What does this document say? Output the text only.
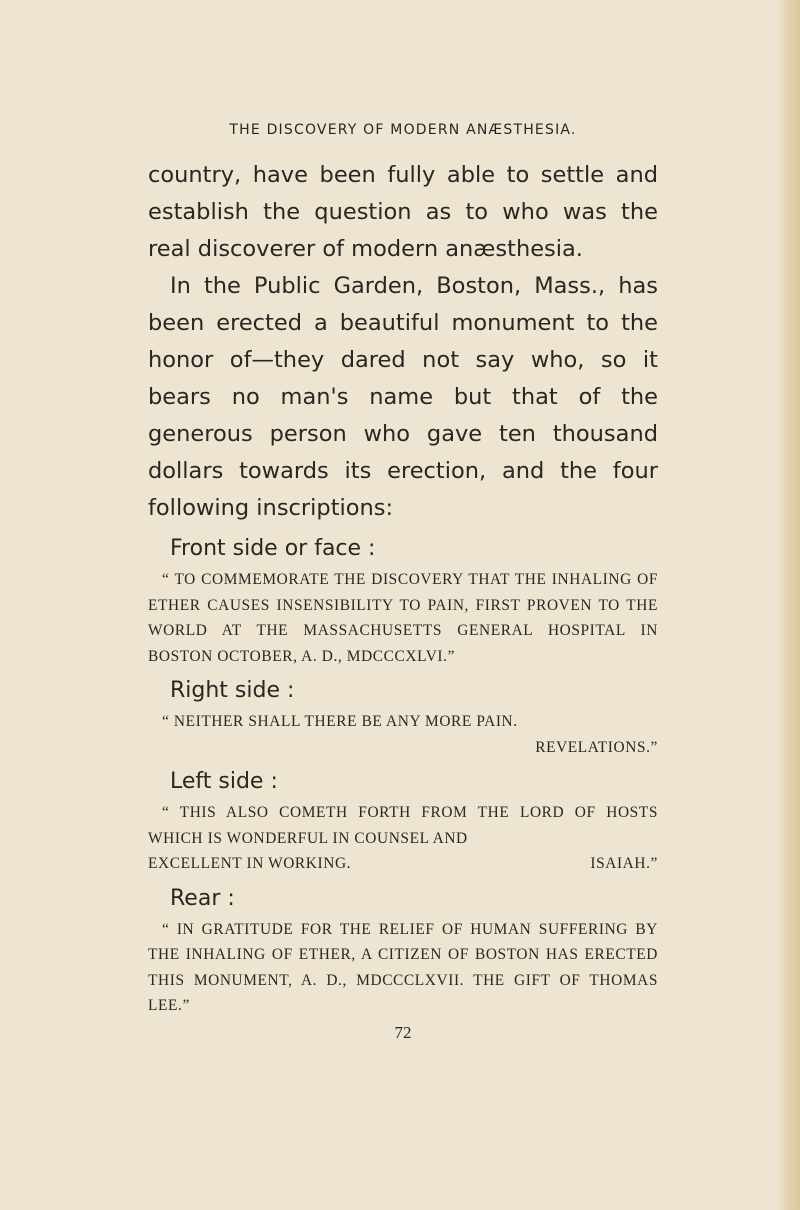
THE DISCOVERY OF MODERN ANÆSTHESIA.

country, have been fully able to settle and establish the question as to who was the real discoverer of modern anæsthesia.

In the Public Garden, Boston, Mass., has been erected a beautiful monument to the honor of—they dared not say who, so it bears no man's name but that of the generous person who gave ten thousand dollars towards its erection, and the four following inscriptions:

Front side or face :

“ TO COMMEMORATE THE DISCOVERY THAT THE INHALING OF ETHER CAUSES INSENSIBILITY TO PAIN, FIRST PROVEN TO THE WORLD AT THE MASSACHUSETTS GENERAL HOSPITAL IN BOSTON OCTOBER, A. D., MDCCCXLVI.”

Right side :

“ NEITHER SHALL THERE BE ANY MORE PAIN.
REVELATIONS.”

Left side :

“ THIS ALSO COMETH FORTH FROM THE LORD OF HOSTS WHICH IS WONDERFUL IN COUNSEL AND
EXCELLENT IN WORKING.	ISAIAH.”

Rear :

“ IN GRATITUDE FOR THE RELIEF OF HUMAN SUFFERING BY THE INHALING OF ETHER, A CITIZEN OF BOSTON HAS ERECTED THIS MONUMENT, A. D., MDCCCLXVII. THE GIFT OF THOMAS LEE.”

72
